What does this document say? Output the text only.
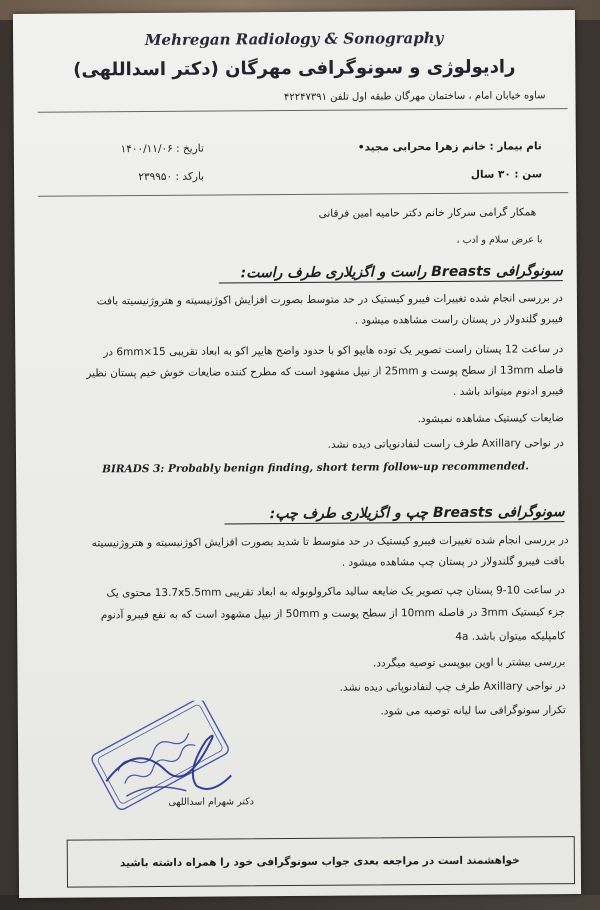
Mehregan Radiology & Sonography
رادیولوژی و سونوگرافی مهرگان (دکتر اسداللهی)
ساوه خیابان امام ، ساختمان مهرگان طبقه اول تلفن ۴۲۲۴۷۳۹۱
نام بیمار : خانم زهرا محرابی مجید•
تاریخ : ۱۴۰۰/۱۱/۰۶
سن : ۳۰ سال
بارکد : ۲۳۹۹۵۰
همکار گرامی سرکار خانم دکتر حامیه امین فرقانی
با عرض سلام و ادب ،
سونوگرافی Breasts راست و اگزیلاری طرف راست:
در بررسی انجام شده تغییرات فیبرو کیستیک در حد متوسط بصورت افزایش اکوژنیسیته و هتروژنیسیته بافت
فیبرو گلندولار در پستان راست مشاهده میشود .
در ساعت 12 پستان راست تصویر یک توده هایپو اکو با حدود واضح هایپر اکو به ابعاد تقریبی 15×6mm در
فاصله 13mm از سطح پوست و 25mm از نیپل مشهود است که مطرح کننده ضایعات خوش خیم پستان نظیر
فیبرو ادنوم میتواند باشد .
ضایعات کیستیک مشاهده نمیشود.
در نواحی Axillary طرف راست لنفادنوپاتی دیده نشد.
BIRADS 3: Probably benign finding, short term follow-up recommended.
سونوگرافی Breasts چپ و اگزیلاری طرف چپ:
در بررسی انجام شده تغییرات فیبرو کیستیک در حد متوسط تا شدید بصورت افزایش اکوژنیسیته و هتروژنیسیته
بافت فیبرو گلندولار در پستان چپ مشاهده میشود .
در ساعت 10-9 پستان چپ تصویر یک ضایعه سالید ماکرولوبوله به ابعاد تقریبی 13.7x5.5mm محتوی یک
جزء کیستیک 3mm در فاصله 10mm از سطح پوست و 50mm از نیپل مشهود است که به نفع فیبرو آدنوم
کامپلیکه میتوان باشد. 4a
بررسی بیشتر با اوپن بیوپسی توصیه میگردد.
در نواحی Axillary طرف چپ لنفادنوپاتی دیده نشد.
تکرار سونوگرافی سا لیانه توصیه می شود.
دکتر شهرام اسداللهی
خواهشمند است در مراجعه بعدی جواب سونوگرافی خود را همراه داشته باشید
